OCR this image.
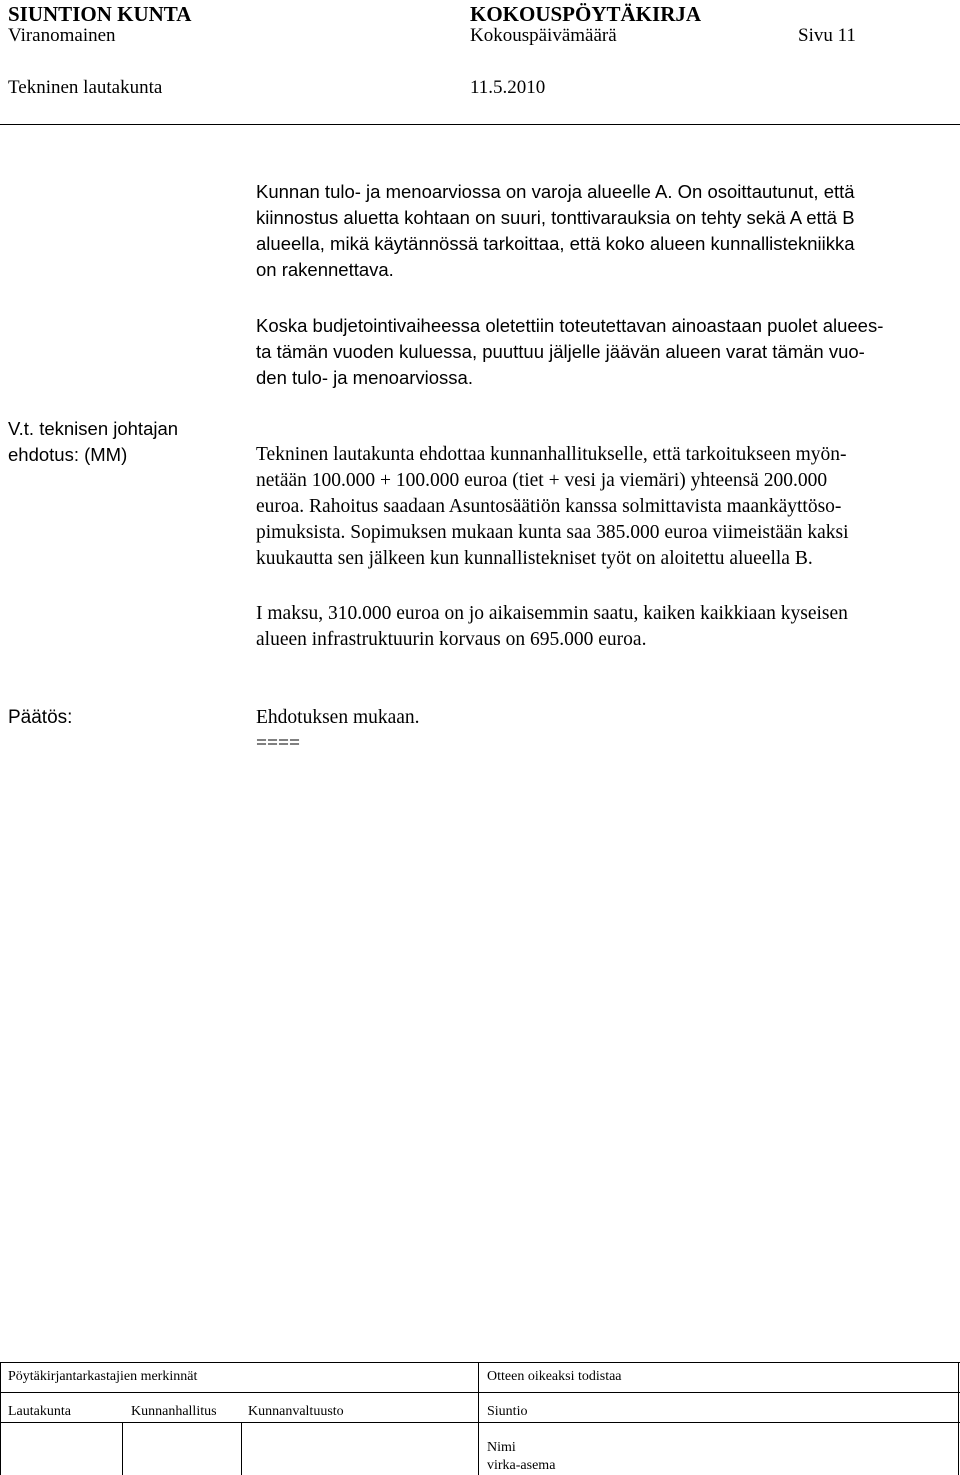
SIUNTION KUNTA	KOKOUSPÖYTÄKIRJA
Viranomainen	Kokouspäivämäärä	Sivu 11
Tekninen lautakunta	11.5.2010
Kunnan tulo- ja menoarviossa on varoja alueelle A. On osoittautunut, että
kiinnostus aluetta kohtaan on suuri, tonttivarauksia on tehty sekä A että B
alueella, mikä käytännössä tarkoittaa, että koko alueen kunnallistekniikka
on rakennettava.
Koska budjetointivaiheessa oletettiin toteutettavan ainoastaan puolet aluees-
ta tämän vuoden kuluessa, puuttuu jäljelle jäävän alueen varat tämän vuo-
den tulo- ja menoarviossa.
V.t. teknisen johtajan
ehdotus: (MM)	Tekninen lautakunta ehdottaa kunnanhallitukselle, että tarkoitukseen myön-
netään 100.000 + 100.000 euroa (tiet + vesi ja viemäri) yhteensä 200.000
euroa. Rahoitus saadaan Asuntosäätiön kanssa solmittavista maankäyttöso-
pimuksista. Sopimuksen mukaan kunta saa 385.000 euroa viimeistään kaksi
kuukautta sen jälkeen kun kunnallistekniset työt on aloitettu alueella B.
I maksu, 310.000 euroa on jo aikaisemmin saatu, kaiken kaikkiaan kyseisen
alueen infrastruktuurin korvaus on 695.000 euroa.
Päätös:	Ehdotuksen mukaan.
====
Pöytäkirjantarkastajien merkinnät	Otteen oikeaksi todistaa
Lautakunta	Kunnanhallitus Kunnanvaltuusto	Siuntio
Nimi
virka-asema
